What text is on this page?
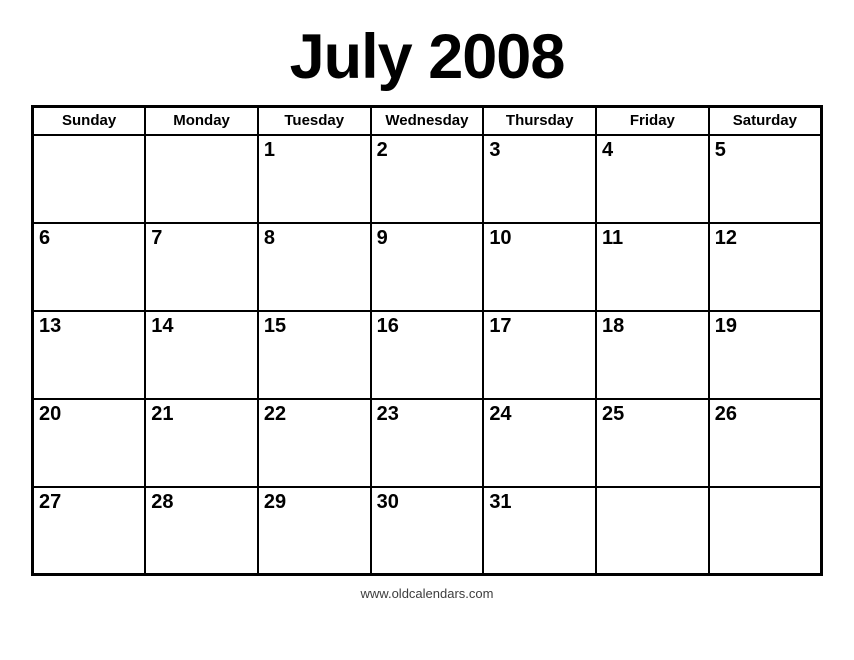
July 2008
Sunday	Monday	Tuesday	Wednesday	Thursday	Friday	Saturday
		1	2	3	4	5
6	7	8	9	10	11	12
13	14	15	16	17	18	19
20	21	22	23	24	25	26
27	28	29	30	31		
www.oldcalendars.com
